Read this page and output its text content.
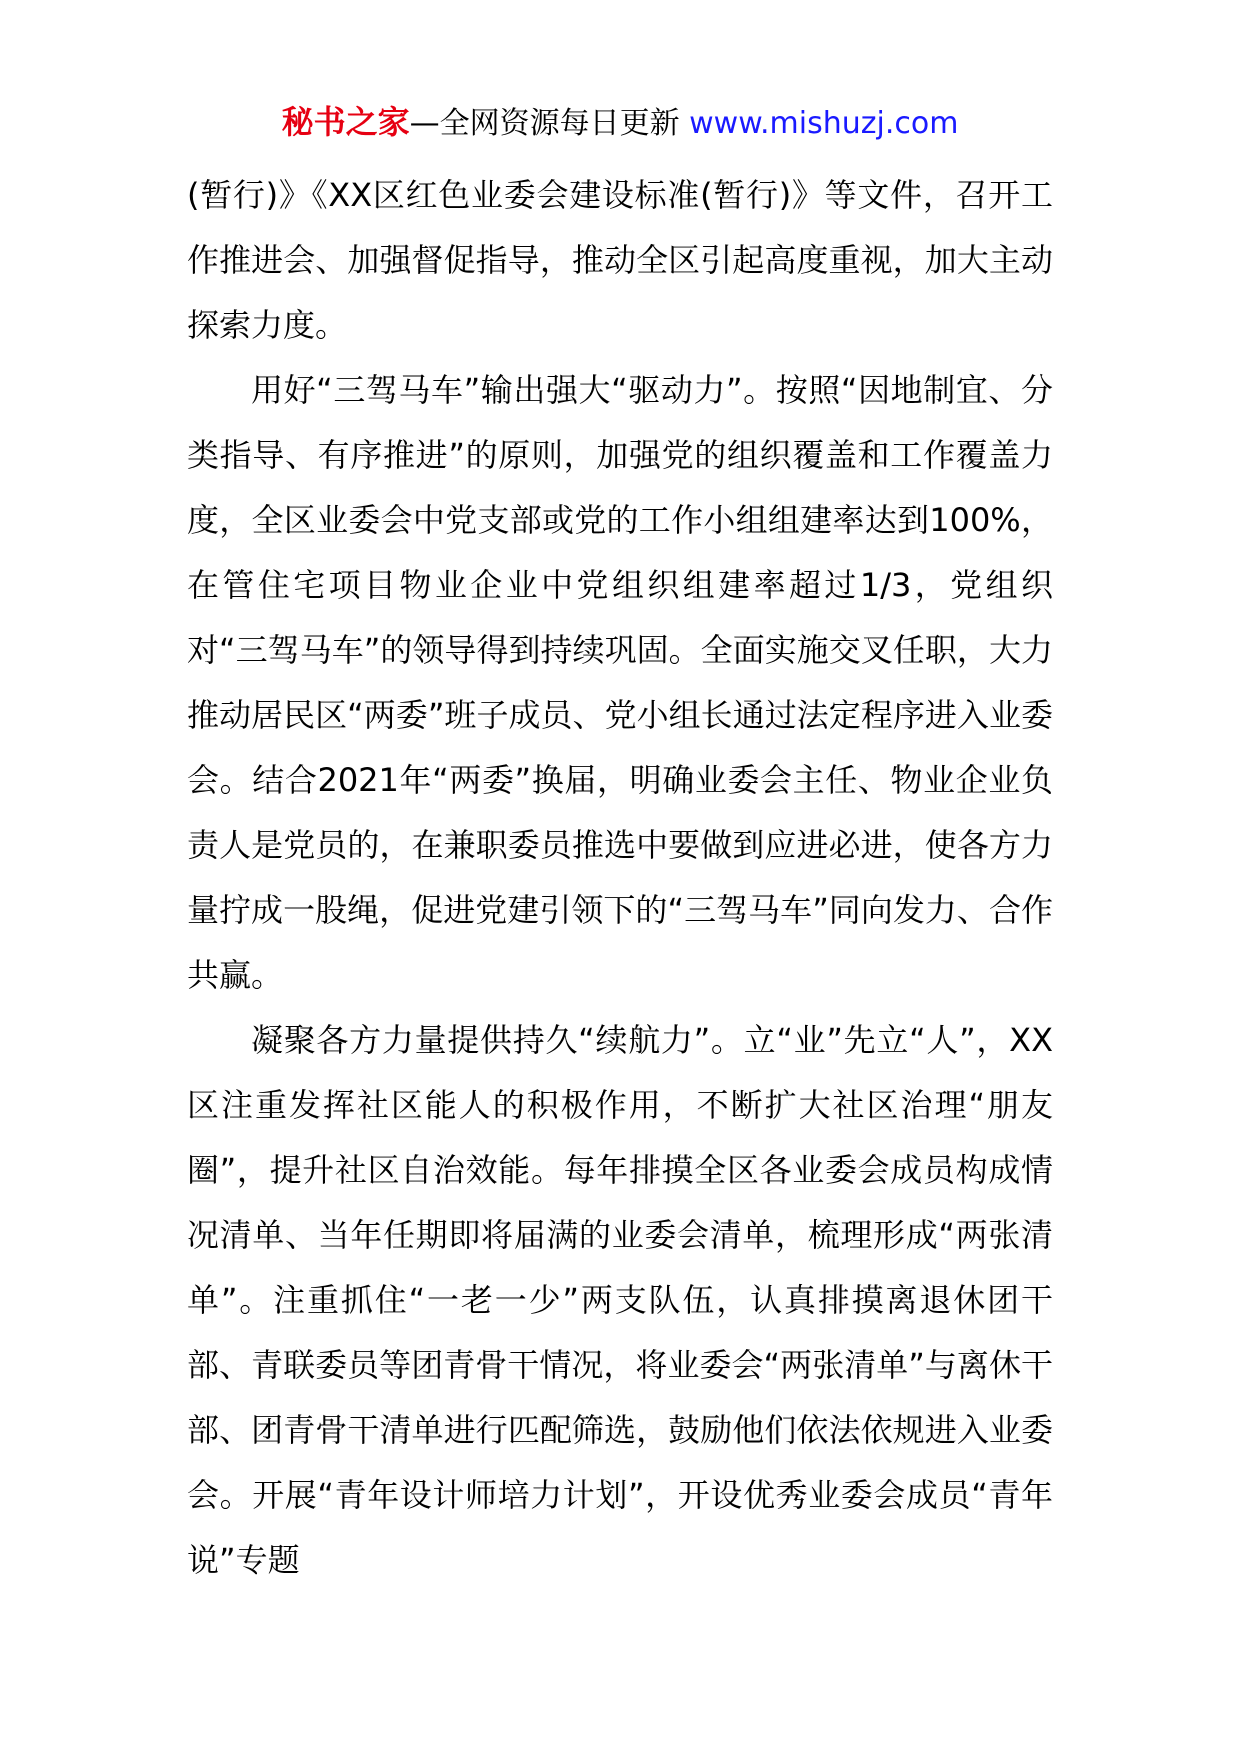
秘书之家—全网资源每日更新 www.mishuzj.com

(暂行)》《XX区红色业委会建设标准(暂行)》等文件，召开工作推进会、加强督促指导，推动全区引起高度重视，加大主动探索力度。

用好“三驾马车”输出强大“驱动力”。按照“因地制宜、分类指导、有序推进”的原则，加强党的组织覆盖和工作覆盖力度，全区业委会中党支部或党的工作小组组建率达到100%，在管住宅项目物业企业中党组织组建率超过1/3，党组织对“三驾马车”的领导得到持续巩固。全面实施交叉任职，大力推动居民区“两委”班子成员、党小组长通过法定程序进入业委会。结合2021年“两委”换届，明确业委会主任、物业企业负责人是党员的，在兼职委员推选中要做到应进必进，使各方力量拧成一股绳，促进党建引领下的“三驾马车”同向发力、合作共赢。

凝聚各方力量提供持久“续航力”。立“业”先立“人”，XX区注重发挥社区能人的积极作用，不断扩大社区治理“朋友圈”，提升社区自治效能。每年排摸全区各业委会成员构成情况清单、当年任期即将届满的业委会清单，梳理形成“两张清单”。注重抓住“一老一少”两支队伍，认真排摸离退休团干部、青联委员等团青骨干情况，将业委会“两张清单”与离休干部、团青骨干清单进行匹配筛选，鼓励他们依法依规进入业委会。开展“青年设计师培力计划”，开设优秀业委会成员“青年说”专题
